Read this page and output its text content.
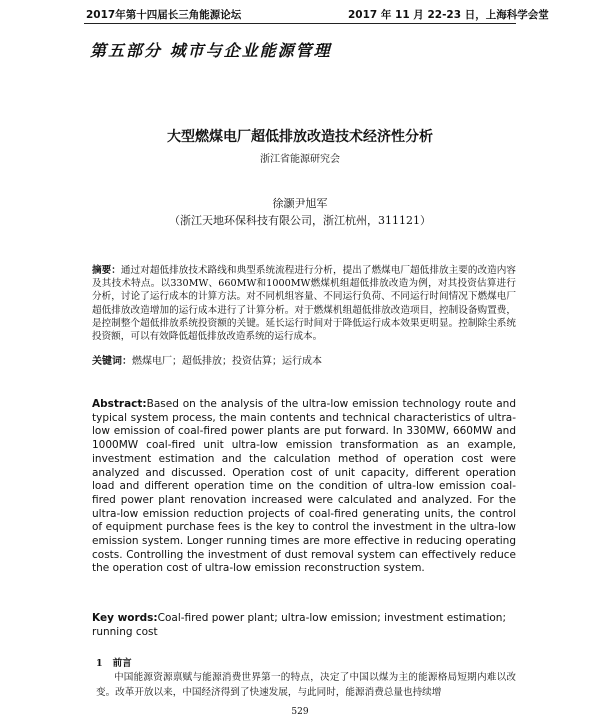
2017年第十四届长三角能源论坛	2017 年 11 月 22-23 日，上海科学会堂
第五部分 城市与企业能源管理
大型燃煤电厂超低排放改造技术经济性分析
浙江省能源研究会
徐灏尹旭军
（浙江天地环保科技有限公司，浙江杭州，311121）
摘要：通过对超低排放技术路线和典型系统流程进行分析，提出了燃煤电厂超低排放主要的改造内容及其技术特点。以330MW、660MW和1000MW燃煤机组超低排放改造为例，对其投资估算进行分析，讨论了运行成本的计算方法。对不同机组容量、不同运行负荷、不同运行时间情况下燃煤电厂超低排放改造增加的运行成本进行了计算分析。对于燃煤机组超低排放改造项目，控制设备购置费，是控制整个超低排放系统投资额的关键。延长运行时间对于降低运行成本效果更明显。控制除尘系统投资额，可以有效降低超低排放改造系统的运行成本。
关键词：燃煤电厂；超低排放；投资估算；运行成本
Abstract:Based on the analysis of the ultra-low emission technology route and typical system process, the main contents and technical characteristics of ultra-low emission of coal-fired power plants are put forward. In 330MW, 660MW and 1000MW coal-fired unit ultra-low emission transformation as an example, investment estimation and the calculation method of operation cost were analyzed and discussed. Operation cost of unit capacity, different operation load and different operation time on the condition of ultra-low emission coal-fired power plant renovation increased were calculated and analyzed. For the ultra-low emission reduction projects of coal-fired generating units, the control of equipment purchase fees is the key to control the investment in the ultra-low emission system. Longer running times are more effective in reducing operating costs. Controlling the investment of dust removal system can effectively reduce the operation cost of ultra-low emission reconstruction system.
Key words:Coal-fired power plant; ultra-low emission; investment estimation; running cost
1 前言
中国能源资源禀赋与能源消费世界第一的特点，决定了中国以煤为主的能源格局短期内难以改变。改革开放以来，中国经济得到了快速发展，与此同时，能源消费总量也持续增
529
